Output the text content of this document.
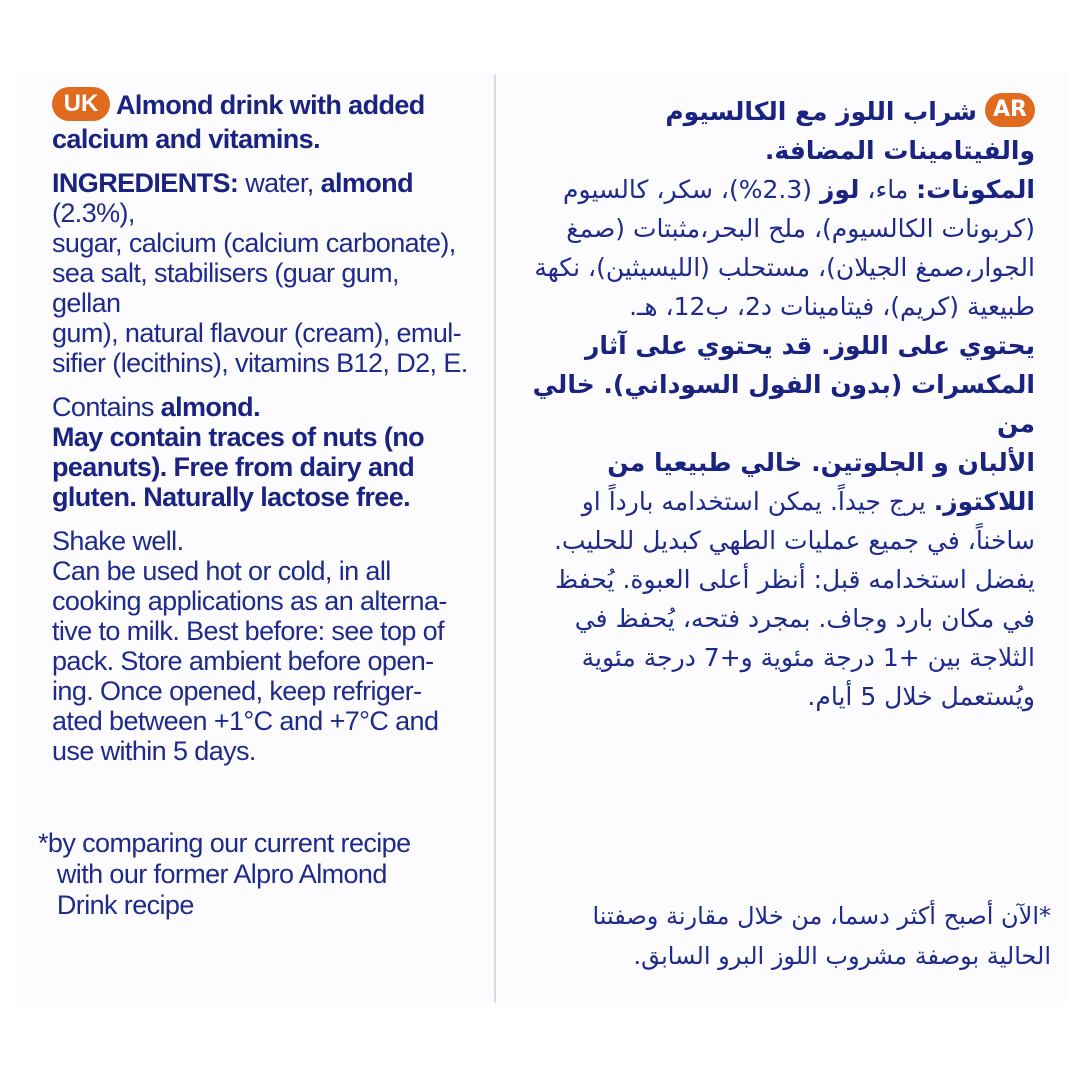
UK Almond drink with added
calcium and vitamins.
INGREDIENTS: water, almond (2.3%),
sugar, calcium (calcium carbonate),
sea salt, stabilisers (guar gum, gellan
gum), natural flavour (cream), emul-
sifier (lecithins), vitamins B12, D2, E.
Contains almond.
May contain traces of nuts (no
peanuts). Free from dairy and
gluten. Naturally lactose free.
Shake well.
Can be used hot or cold, in all
cooking applications as an alterna-
tive to milk. Best before: see top of
pack. Store ambient before open-
ing. Once opened, keep refriger-
ated between +1°C and +7°C and
use within 5 days.
*by comparing our current recipe
with our former Alpro Almond
Drink recipe
ARشراب اللوز مع الكالسيوم
والفيتامينات المضافة.
المكونات: ماء، لوز (2.3%)، سكر، كالسيوم
(كربونات الكالسيوم)، ملح البحر،مثبتات (صمغ
الجوار،صمغ الجيلان)، مستحلب (الليسيثين)، نكهة
طبيعية (كريم)، فيتامينات د2، ب12، هـ.
يحتوي على اللوز. قد يحتوي على آثار
المكسرات (بدون الفول السوداني). خالي من
الألبان و الجلوتين. خالي طبيعيا من
اللاكتوز. يرج جيداً. يمكن استخدامه بارداً او
ساخناً، في جميع عمليات الطهي كبديل للحليب.
يفضل استخدامه قبل: أنظر أعلى العبوة. يُحفظ
في مكان بارد وجاف. بمجرد فتحه، يُحفظ في
الثلاجة بين +1 درجة مئوية و+7 درجة مئوية
ويُستعمل خلال 5 أيام.
*الآن أصبح أكثر دسما، من خلال مقارنة وصفتنا
الحالية بوصفة مشروب اللوز البرو السابق.
